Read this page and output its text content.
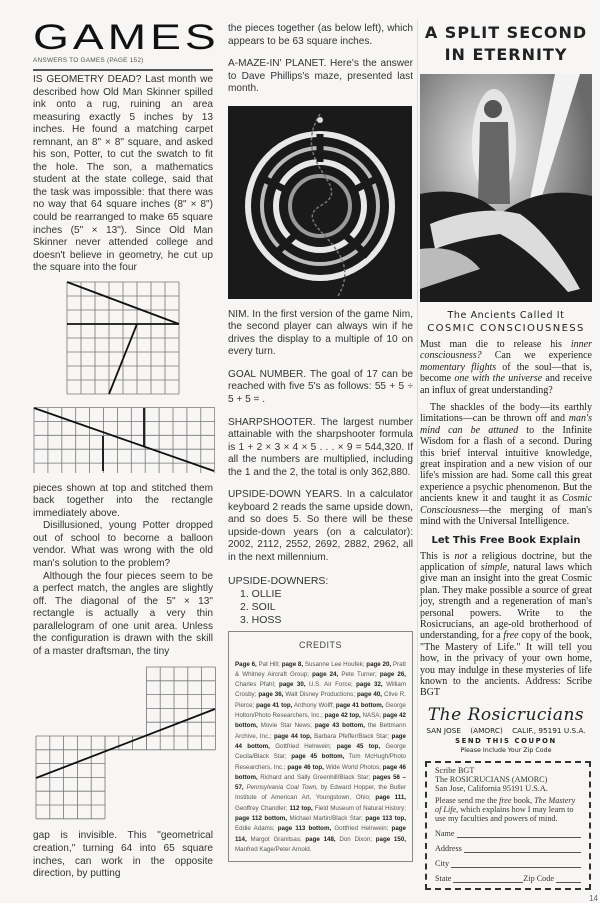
GAMES
ANSWERS TO GAMES (PAGE 152)
IS GEOMETRY DEAD? Last month we described how Old Man Skinner spilled ink onto a rug, ruining an area measuring exactly 5 inches by 13 inches. He found a matching carpet remnant, an 8" × 8" square, and asked his son, Potter, to cut the swatch to fit the hole. The son, a mathematics student at the state college, said that the task was impossible: that there was no way that 64 square inches (8" × 8") could be rearranged to make 65 square inches (5" × 13"). Since Old Man Skinner never attended college and doesn't believe in geometry, he cut up the square into the four

pieces shown at top and stitched them back together into the rectangle immediately above.

Disillusioned, young Potter dropped out of school to become a balloon vendor. What was wrong with the old man's solution to the problem?

Although the four pieces seem to be a perfect match, the angles are slightly off. The diagonal of the 5" × 13" rectangle is actually a very thin parallelogram of one unit area. Unless the configuration is drawn with the skill of a master draftsman, the tiny

gap is invisible. This "geometrical creation," turning 64 into 65 square inches, can work in the opposite direction, by putting
the pieces together (as below left), which appears to be 63 square inches.
A-MAZE-IN' PLANET. Here's the answer to Dave Phillips's maze, presented last month.
NIM. In the first version of the game Nim, the second player can always win if he drives the display to a multiple of 10 on every turn.
GOAL NUMBER. The goal of 17 can be reached with five 5's as follows: 55 + 5 ÷ 5 + 5 = .
SHARPSHOOTER. The largest number attainable with the sharpshooter formula is 1 + 2 × 3 × 4 × 5 . . . × 9 = 544,320. If all the numbers are multiplied, including the 1 and the 2, the total is only 362,880.
UPSIDE-DOWN YEARS. In a calculator keyboard 2 reads the same upside down, and so does 5. So there will be these upside-down years (on a calculator): 2002, 2112, 2552, 2692, 2882, 2962, all in the next millennium.
UPSIDE-DOWNERS:
1. OLLIE
2. SOIL
3. HOSS
CREDITS
Page 6, Pat Hill; page 8, Susanne Lee Houfek; page 20, Pratt & Whitney Aircraft Group; page 24, Pete Turner; page 26, Charles Pfahl; page 30, U.S. Air Force; page 32, William Crosby; page 36, Walt Disney Productions; page 40, Clive R. Pierce; page 41 top, Anthony Wolff; page 41 bottom, George Holton/Photo Researchers, Inc.; page 42 top, NASA; page 42 bottom, Movie Star News; page 43 bottom, the Bettmann Archive, Inc.; page 44 top, Barbara Pfeffer/Black Star; page 44 bottom, Gottfried Helnwein; page 45 top, George Cecila/Black Star; page 45 bottom, Tom McHugh/Photo Researchers, Inc.; page 46 top, Wide World Photos; page 46 bottom, Richard and Sally Greenhill/Black Star; pages 56 – 57, Pennsylvania Coal Town, by Edward Hopper, the Butler Institute of American Art, Youngstown, Ohio; page 111, Geoffrey Chandler; 112 top, Field Museum of Natural History; page 112 bottom, Michael Martin/Black Star; page 113 top, Eddie Adams; page 113 bottom, Gottfried Helnwein; page 114, Margot Granitsas; page 148, Don Dixon; page 150, Manfred Kage/Peter Arnold.
A SPLIT SECOND
IN ETERNITY
The Ancients Called It
COSMIC CONSCIOUSNESS
Must man die to release his inner consciousness? Can we experience momentary flights of the soul—that is, become one with the universe and receive an influx of great understanding?
The shackles of the body—its earthly limitations—can be thrown off and man's mind can be attuned to the Infinite Wisdom for a flash of a second. During this brief interval intuitive knowledge, great inspiration and a new vision of our life's mission are had. Some call this great experience a psychic phenomenon. But the ancients knew it and taught it as Cosmic Consciousness—the merging of man's mind with the Universal Intelligence.
Let This Free Book Explain
This is not a religious doctrine, but the application of simple, natural laws which give man an insight into the great Cosmic plan. They make possible a source of great joy, strength and a regeneration of man's personal powers. Write to the Rosicrucians, an age-old brotherhood of understanding, for a free copy of the book, "The Mastery of Life." It will tell you how, in the privacy of your own home, you may indulge in these mysteries of life known to the ancients. Address: Scribe BGT
The Rosicrucians
SAN JOSE    (AMORC)    CALIF., 95191 U.S.A.
SEND THIS COUPON
Please Include Your Zip Code
Scribe BGT
The ROSICRUCIANS (AMORC)
San Jose, California 95191 U.S.A.
Please send me the free book, The Mastery of Life, which explains how I may learn to use my faculties and powers of mind.
Name
Address
City
State	Zip Code
14
